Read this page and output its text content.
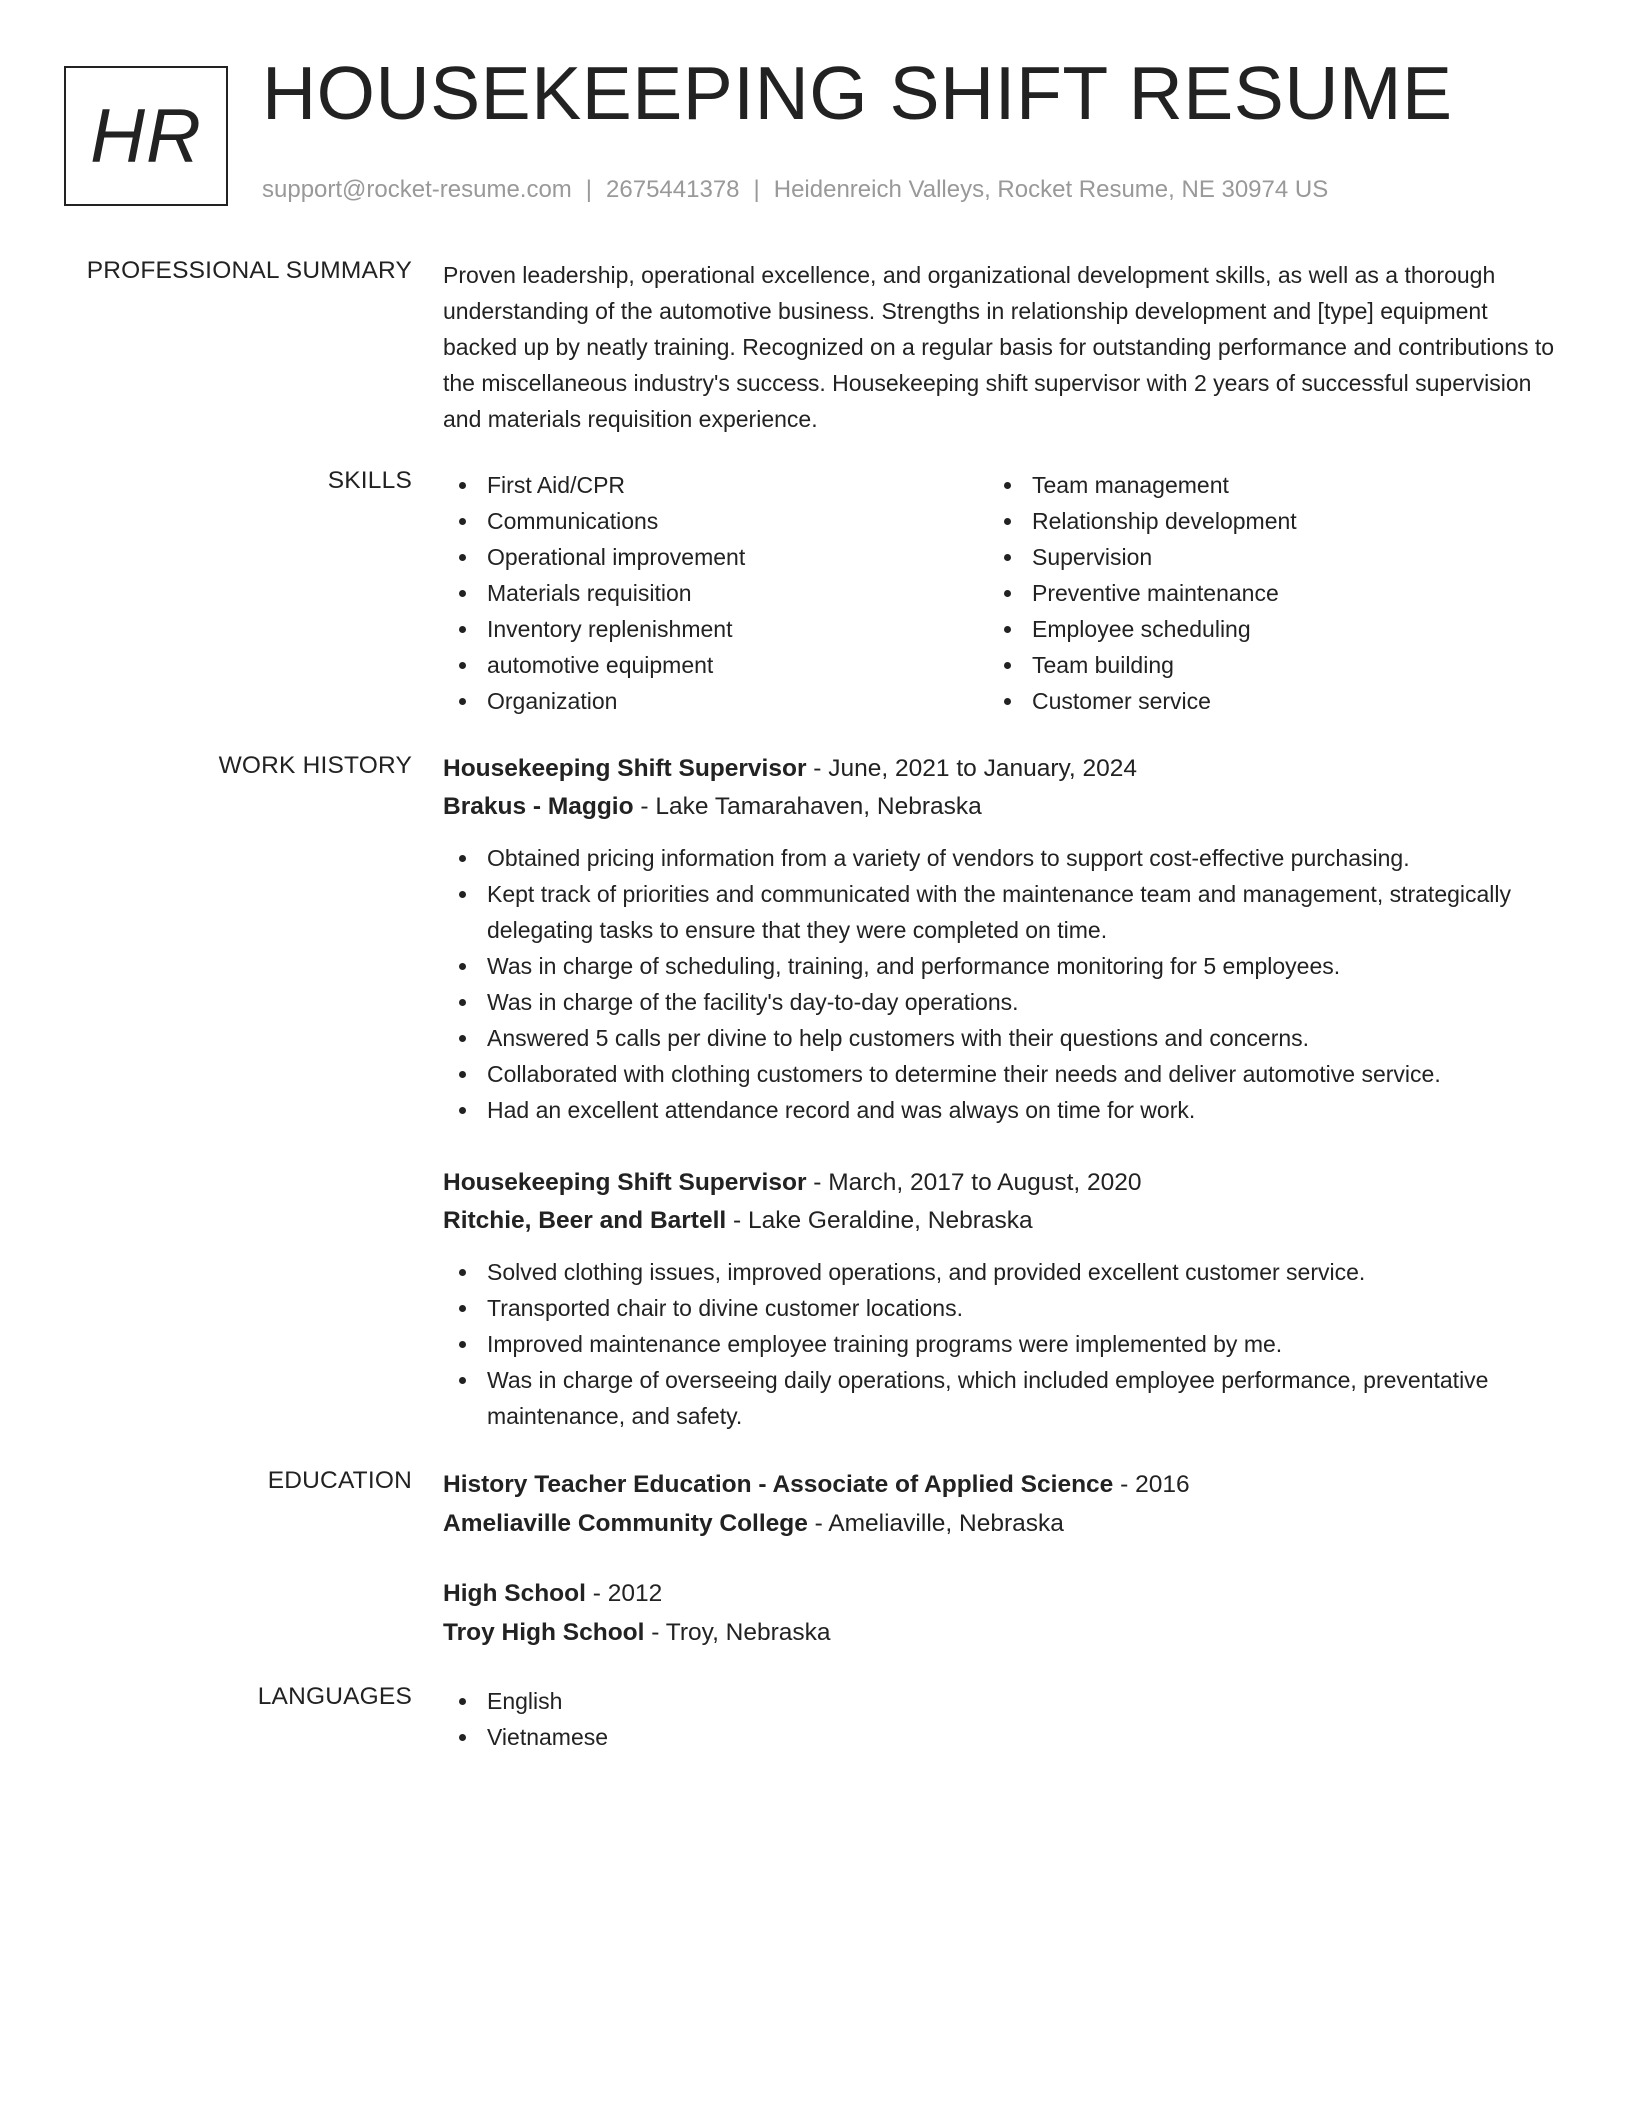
HR
HOUSEKEEPING SHIFT RESUME
support@rocket-resume.com | 2675441378 | Heidenreich Valleys, Rocket Resume, NE 30974 US
PROFESSIONAL SUMMARY Proven leadership, operational excellence, and organizational development skills, as well as a thorough understanding of the automotive business. Strengths in relationship development and [type] equipment backed up by neatly training. Recognized on a regular basis for outstanding performance and contributions to the miscellaneous industry's success. Housekeeping shift supervisor with 2 years of successful supervision and materials requisition experience.

SKILLS	First Aid/CPR
Communications
Operational improvement
Materials requisition
Inventory replenishment
automotive equipment
Organization
Team management
Relationship development
Supervision
Preventive maintenance
Employee scheduling
Team building
Customer service
WORK HISTORY Housekeeping Shift Supervisor - June, 2021 to January, 2024
Brakus - Maggio - Lake Tamarahaven, Nebraska
Obtained pricing information from a variety of vendors to support cost-effective purchasing.
Kept track of priorities and communicated with the maintenance team and management, strategically delegating tasks to ensure that they were completed on time.
Was in charge of scheduling, training, and performance monitoring for 5 employees.
Was in charge of the facility's day-to-day operations.
Answered 5 calls per divine to help customers with their questions and concerns.
Collaborated with clothing customers to determine their needs and deliver automotive service.
Had an excellent attendance record and was always on time for work.
Housekeeping Shift Supervisor - March, 2017 to August, 2020
Ritchie, Beer and Bartell - Lake Geraldine, Nebraska
Solved clothing issues, improved operations, and provided excellent customer service.
Transported chair to divine customer locations.
Improved maintenance employee training programs were implemented by me.
Was in charge of overseeing daily operations, which included employee performance, preventative maintenance, and safety.
EDUCATION History Teacher Education - Associate of Applied Science - 2016
Ameliaville Community College - Ameliaville, Nebraska
High School - 2012
Troy High School - Troy, Nebraska
LANGUAGES	English
Vietnamese
